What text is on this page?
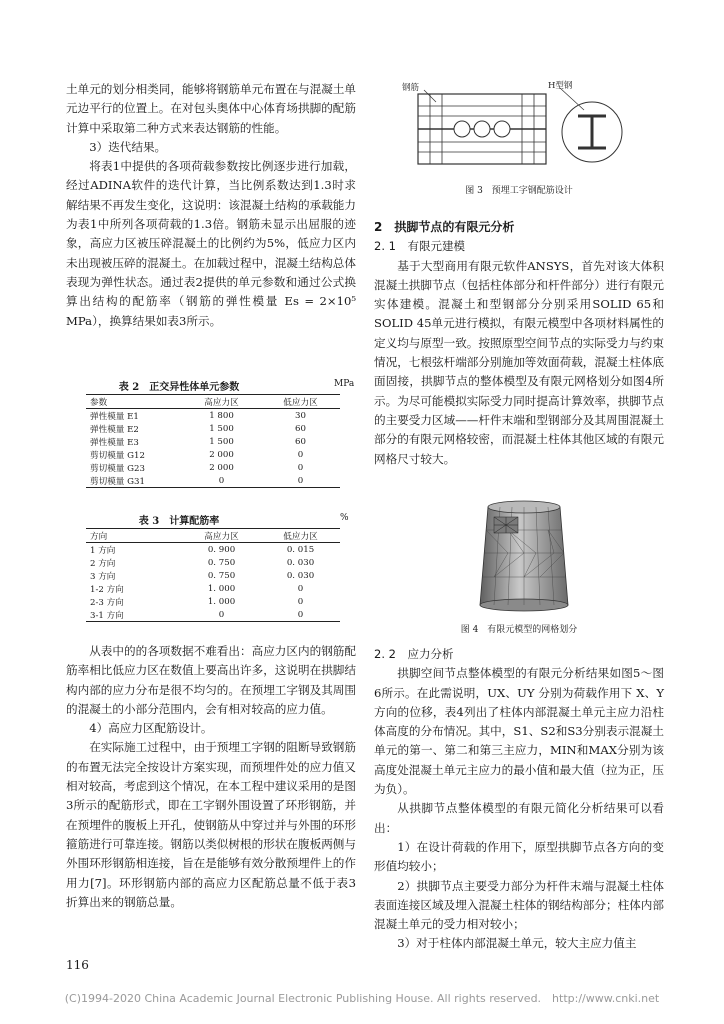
土单元的划分相类同，能够将钢筋单元布置在与混凝土单元边平行的位置上。在对包头奥体中心体育场拱脚的配筋计算中采取第二种方式来表达钢筋的性能。

3）迭代结果。

将表1中提供的各项荷载参数按比例逐步进行加载，经过ADINA软件的迭代计算，当比例系数达到1.3时求解结果不再发生变化，这说明：该混凝土结构的承载能力为表1中所列各项荷载的1.3倍。钢筋未显示出屈服的迹象，高应力区被压碎混凝土的比例约为5%，低应力区内未出现被压碎的混凝土。在加载过程中，混凝土结构总体表现为弹性状态。通过表2提供的单元参数和通过公式换算出结构的配筋率（钢筋的弹性模量 Es = 2×10⁵ MPa），换算结果如表3所示。

表 2　正交异性体单元参数	MPa
参数	高应力区	低应力区
弹性模量 E1	1 800	30
弹性模量 E2	1 500	60
弹性模量 E3	1 500	60
剪切模量 G12	2 000	0
剪切模量 G23	2 000	0
剪切模量 G31	0	0
表 3　计算配筋率	%
方向	高应力区	低应力区
1 方向	0. 900	0. 015
2 方向	0. 750	0. 030
3 方向	0. 750	0. 030
1-2 方向	1. 000	0
2-3 方向	1. 000	0
3-1 方向	0	0

从表中的的各项数据不难看出：高应力区内的钢筋配筋率相比低应力区在数值上要高出许多，这说明在拱脚结构内部的应力分布是很不均匀的。在预埋工字钢及其周围的混凝土的小部分范围内，会有相对较高的应力值。

4）高应力区配筋设计。

在实际施工过程中，由于预埋工字钢的阻断导致钢筋的布置无法完全按设计方案实现，而预埋件处的应力值又相对较高，考虑到这个情况，在本工程中建议采用的是图3所示的配筋形式，即在工字钢外围设置了环形钢筋，并在预埋件的腹板上开孔，使钢筋从中穿过并与外围的环形箍筋进行可靠连接。钢筋以类似树根的形状在腹板两侧与外围环形钢筋相连接，旨在是能够有效分散预埋件上的作用力[7]。环形钢筋内部的高应力区配筋总量不低于表3折算出来的钢筋总量。

钢筋	H型钢

图 3　预埋工字钢配筋设计

2　拱脚节点的有限元分析

2. 1　有限元建模

基于大型商用有限元软件ANSYS，首先对该大体积混凝土拱脚节点（包括柱体部分和杆件部分）进行有限元实体建模。混凝土和型钢部分分别采用SOLID 65和SOLID 45单元进行模拟，有限元模型中各项材料属性的定义均与原型一致。按照原型空间节点的实际受力与约束情况，七根弦杆端部分别施加等效面荷载，混凝土柱体底面固接，拱脚节点的整体模型及有限元网格划分如图4所示。为尽可能模拟实际受力同时提高计算效率，拱脚节点的主要受力区域——杆件末端和型钢部分及其周围混凝土部分的有限元网格较密，而混凝土柱体其他区域的有限元网格尺寸较大。

图 4　有限元模型的网格划分

2. 2　应力分析

拱脚空间节点整体模型的有限元分析结果如图5～图6所示。在此需说明，UX、UY 分别为荷载作用下 X、Y 方向的位移，表4列出了柱体内部混凝土单元主应力沿柱体高度的分布情况。其中，S1、S2和S3分别表示混凝土单元的第一、第二和第三主应力，MIN和MAX分别为该高度处混凝土单元主应力的最小值和最大值（拉为正，压为负）。

从拱脚节点整体模型的有限元简化分析结果可以看出：

1）在设计荷载的作用下，原型拱脚节点各方向的变形值均较小；

2）拱脚节点主要受力部分为杆件末端与混凝土柱体表面连接区域及埋入混凝土柱体的钢结构部分；柱体内部混凝土单元的受力相对较小；

3）对于柱体内部混凝土单元，较大主应力值主

116
(C)1994-2020 China Academic Journal Electronic Publishing House. All rights reserved.　http://www.cnki.net
